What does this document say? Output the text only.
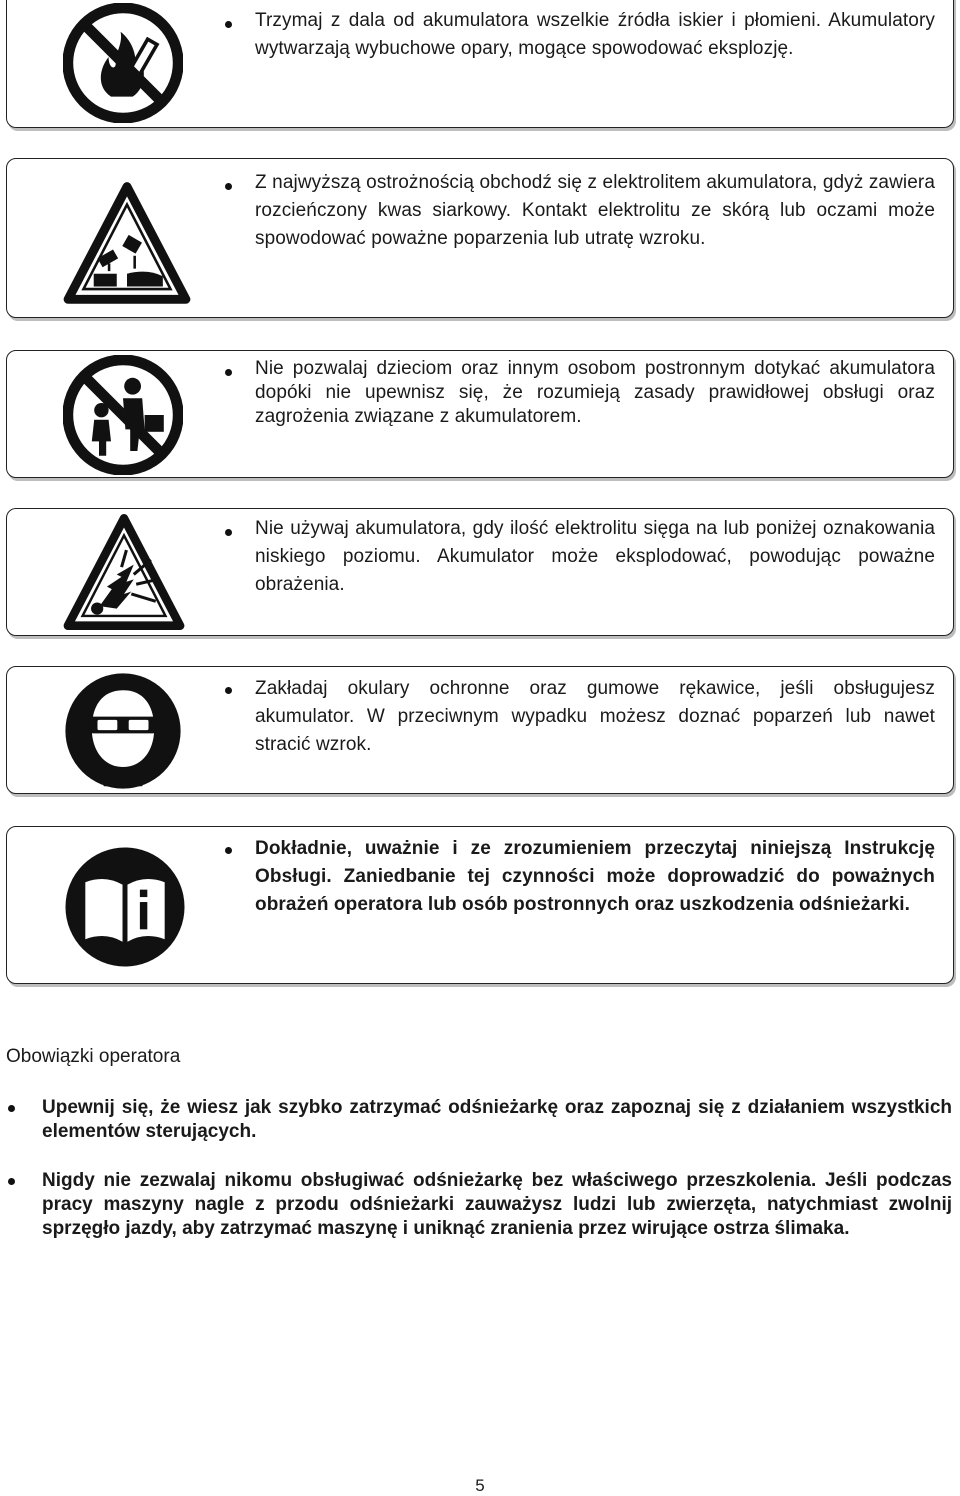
Trzymaj z dala od akumulatora wszelkie źródła iskier i płomieni. Akumulatory wytwarzają wybuchowe opary, mogące spowodować eksplozję.
Z najwyższą ostrożnością obchodź się z elektrolitem akumulatora, gdyż zawiera rozcieńczony kwas siarkowy. Kontakt elektrolitu ze skórą lub oczami może spowodować poważne poparzenia lub utratę wzroku.
Nie pozwalaj dzieciom oraz innym osobom postronnym dotykać akumulatora dopóki nie upewnisz się, że rozumieją zasady prawidłowej obsługi oraz zagrożenia związane z akumulatorem.
Nie używaj akumulatora, gdy ilość elektrolitu sięga na lub poniżej oznakowania niskiego poziomu. Akumulator może eksplodować, powodując poważne obrażenia.
Zakładaj okulary ochronne oraz gumowe rękawice, jeśli obsługujesz akumulator. W przeciwnym wypadku możesz doznać poparzeń lub nawet stracić wzrok.
Dokładnie, uważnie i ze zrozumieniem przeczytaj niniejszą Instrukcję Obsługi. Zaniedbanie tej czynności może doprowadzić do poważnych obrażeń operatora lub osób postronnych oraz uszkodzenia odśnieżarki.
Obowiązki operatora
Upewnij się, że wiesz jak szybko zatrzymać odśnieżarkę oraz zapoznaj się z działaniem wszystkich elementów sterujących.
Nigdy nie zezwalaj nikomu obsługiwać odśnieżarkę bez właściwego przeszkolenia. Jeśli podczas pracy maszyny nagle z przodu odśnieżarki zauważysz ludzi lub zwierzęta, natychmiast zwolnij sprzęgło jazdy, aby zatrzymać maszynę i uniknąć zranienia przez wirujące ostrza ślimaka.
5
